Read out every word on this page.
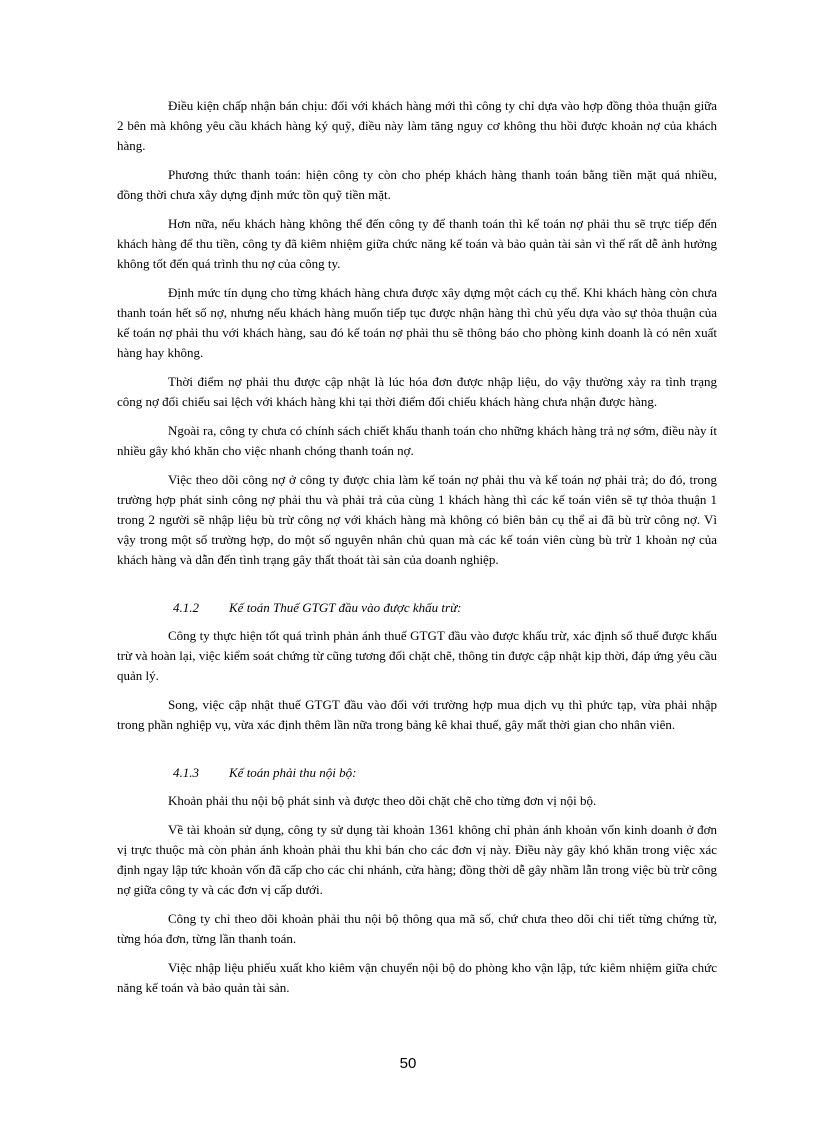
Điều kiện chấp nhận bán chịu: đối với khách hàng mới thì công ty chỉ dựa vào hợp đồng thỏa thuận giữa 2 bên mà không yêu cầu khách hàng ký quỹ, điều này làm tăng nguy cơ không thu hồi được khoản nợ của khách hàng.

Phương thức thanh toán: hiện công ty còn cho phép khách hàng thanh toán bằng tiền mặt quá nhiều, đồng thời chưa xây dựng định mức tồn quỹ tiền mặt.

Hơn nữa, nếu khách hàng không thể đến công ty để thanh toán thì kế toán nợ phải thu sẽ trực tiếp đến khách hàng để thu tiền, công ty đã kiêm nhiệm giữa chức năng kế toán và bảo quản tài sản vì thế rất dễ ảnh hưởng không tốt đến quá trình thu nợ của công ty.

Định mức tín dụng cho từng khách hàng chưa được xây dựng một cách cụ thể. Khi khách hàng còn chưa thanh toán hết số nợ, nhưng nếu khách hàng muốn tiếp tục được nhận hàng thì chủ yếu dựa vào sự thỏa thuận của kế toán nợ phải thu với khách hàng, sau đó kế toán nợ phải thu sẽ thông báo cho phòng kinh doanh là có nên xuất hàng hay không.

Thời điểm nợ phải thu được cập nhật là lúc hóa đơn được nhập liệu, do vậy thường xảy ra tình trạng công nợ đối chiếu sai lệch với khách hàng khi tại thời điểm đối chiếu khách hàng chưa nhận được hàng.

Ngoài ra, công ty chưa có chính sách chiết khấu thanh toán cho những khách hàng trả nợ sớm, điều này ít nhiều gây khó khăn cho việc nhanh chóng thanh toán nợ.

Việc theo dõi công nợ ở công ty được chia làm kế toán nợ phải thu và kế toán nợ phải trả; do đó, trong trường hợp phát sinh công nợ phải thu và phải trả của cùng 1 khách hàng thì các kế toán viên sẽ tự thỏa thuận 1 trong 2 người sẽ nhập liệu bù trừ công nợ với khách hàng mà không có biên bản cụ thể ai đã bù trừ công nợ. Vì vậy trong một số trường hợp, do một số nguyên nhân chủ quan mà các kế toán viên cùng bù trừ 1 khoản nợ của khách hàng và dẫn đến tình trạng gây thất thoát tài sản của doanh nghiệp.

4.1.2 Kế toán Thuế GTGT đầu vào được khấu trừ:

Công ty thực hiện tốt quá trình phản ánh thuế GTGT đầu vào được khấu trừ, xác định số thuế được khấu trừ và hoàn lại, việc kiểm soát chứng từ cũng tương đối chặt chẽ, thông tin được cập nhật kịp thời, đáp ứng yêu cầu quản lý.

Song, việc cập nhật thuế GTGT đầu vào đối với trường hợp mua dịch vụ thì phức tạp, vừa phải nhập trong phần nghiệp vụ, vừa xác định thêm lần nữa trong bảng kê khai thuế, gây mất thời gian cho nhân viên.

4.1.3 Kế toán phải thu nội bộ:

Khoản phải thu nội bộ phát sinh và được theo dõi chặt chẽ cho từng đơn vị nội bộ.

Về tài khoản sử dụng, công ty sử dụng tài khoản 1361 không chỉ phản ánh khoản vốn kinh doanh ở đơn vị trực thuộc mà còn phản ánh khoản phải thu khi bán cho các đơn vị này. Điều này gây khó khăn trong việc xác định ngay lập tức khoản vốn đã cấp cho các chi nhánh, cửa hàng; đồng thời dễ gây nhầm lẫn trong việc bù trừ công nợ giữa công ty và các đơn vị cấp dưới.

Công ty chỉ theo dõi khoản phải thu nội bộ thông qua mã số, chứ chưa theo dõi chi tiết từng chứng từ, từng hóa đơn, từng lần thanh toán.

Việc nhập liệu phiếu xuất kho kiêm vận chuyển nội bộ do phòng kho vận lập, tức kiêm nhiệm giữa chức năng kế toán và bảo quản tài sản.

50
